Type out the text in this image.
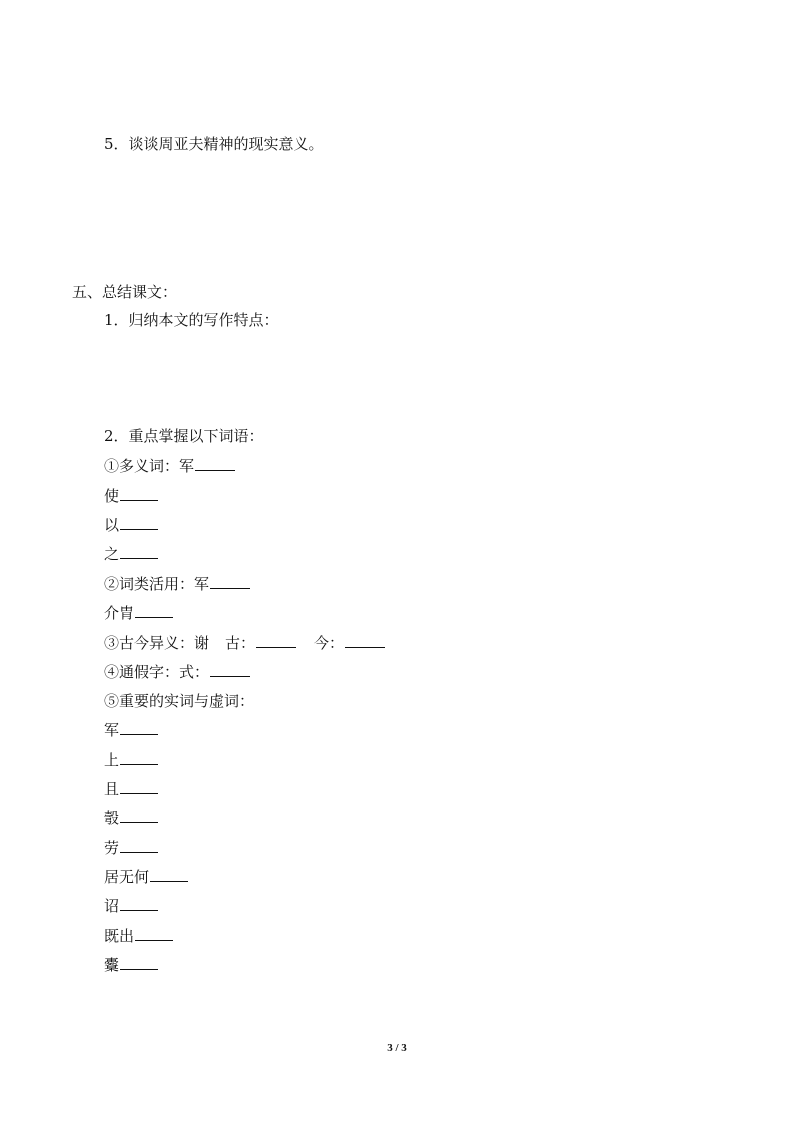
5．谈谈周亚夫精神的现实意义。
五、总结课文：
1．归纳本文的写作特点：
2．重点掌握以下词语：
①多义词：军
使
以
之
②词类活用：军
介胄
③古今异义：谢 古：	今：
④通假字：式：
⑤重要的实词与虚词：
军
上
且
彀
劳
居无何
诏
既出
櫜
3 / 3
